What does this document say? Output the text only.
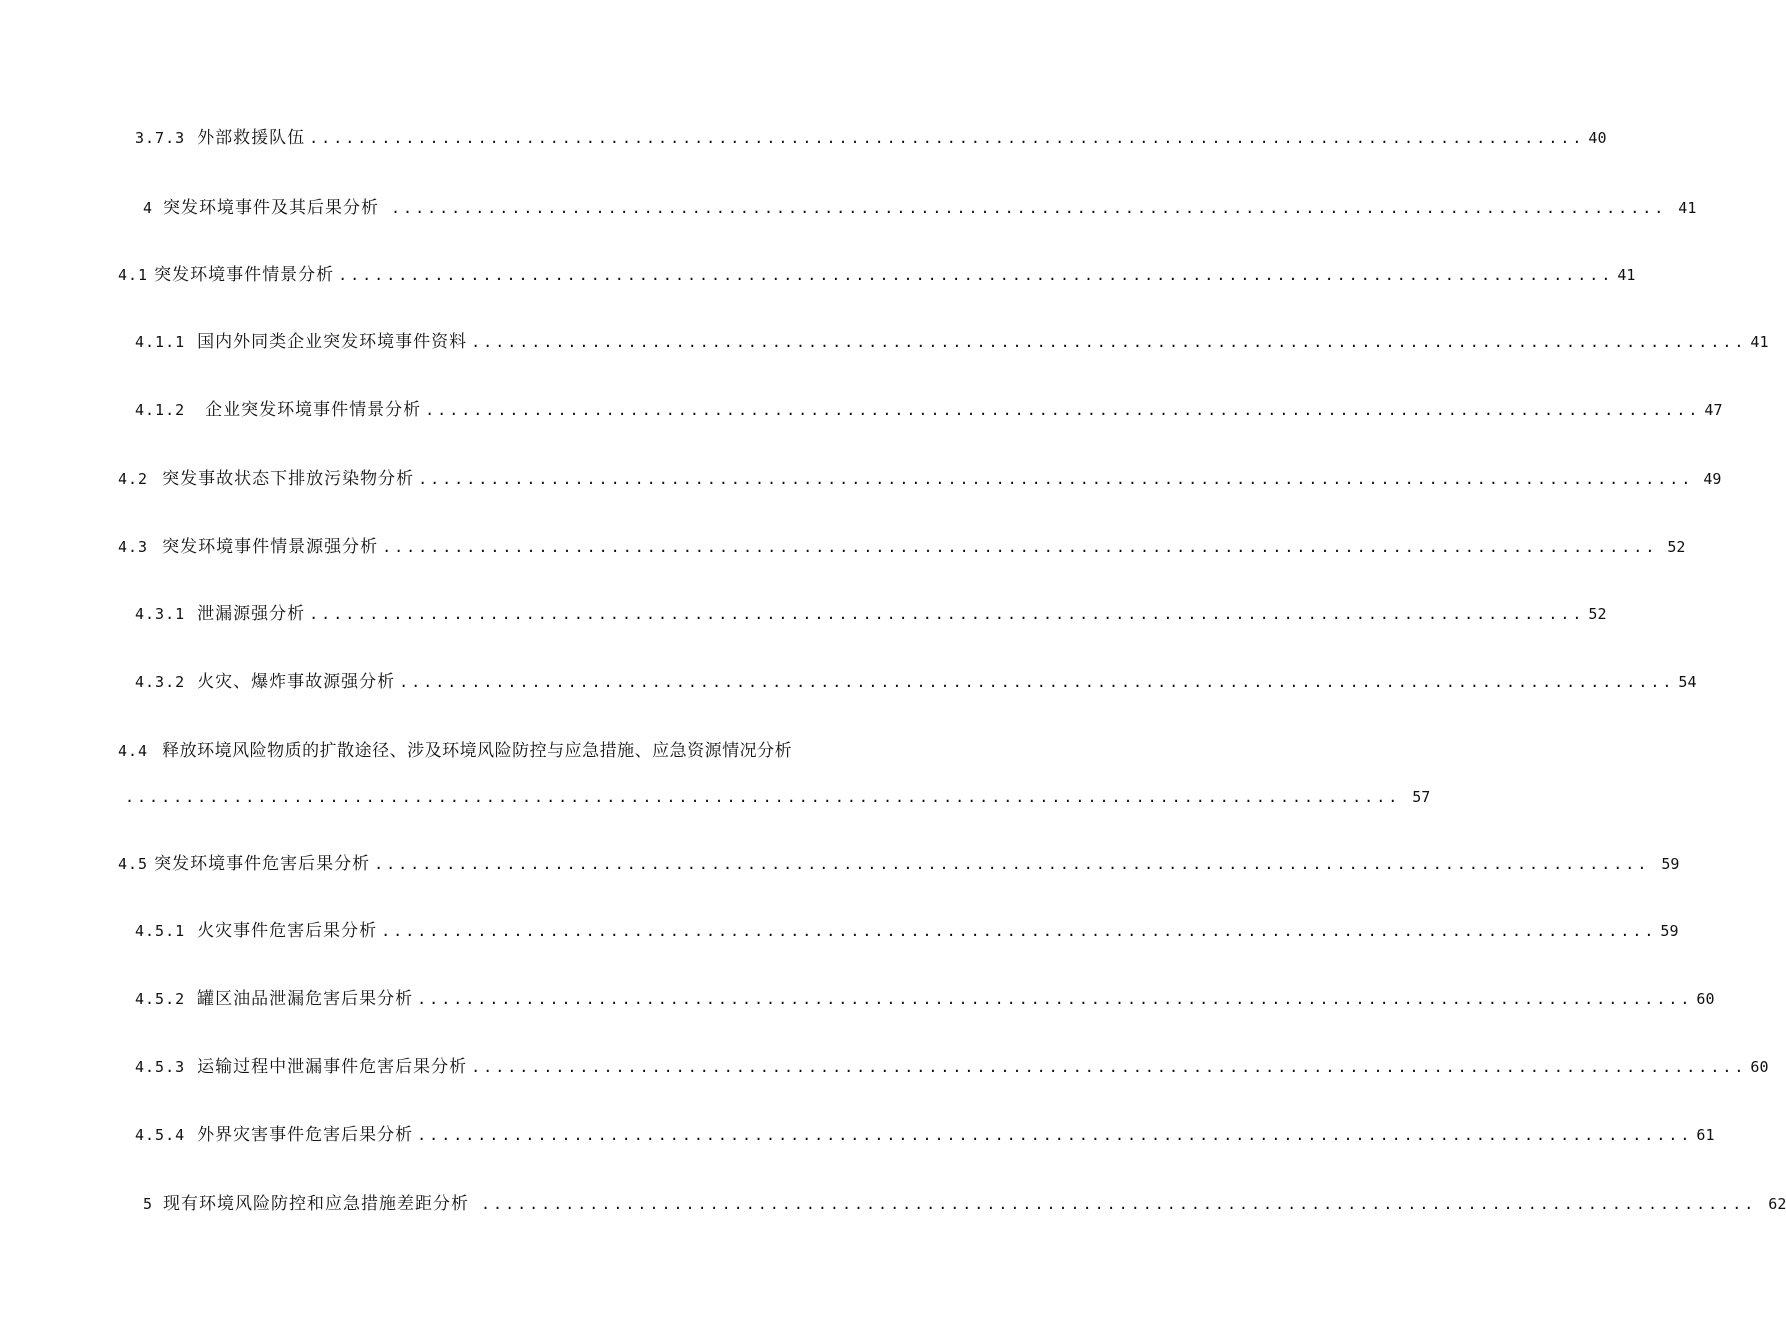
3.7.3 外部救援队伍 .......................................................................................................... 40
4 突发环境事件及其后果分析 .......................................................................................................... 41
4.1 突发环境事件情景分析 .......................................................................................................... 41
4.1.1 国内外同类企业突发环境事件资料 .......................................................................................................... 41
4.1.2 企业突发环境事件情景分析 .......................................................................................................... 47
4.2 突发事故状态下排放污染物分析 .......................................................................................................... 49
4.3 突发环境事件情景源强分析 .......................................................................................................... 52
4.3.1 泄漏源强分析 .......................................................................................................... 52
4.3.2 火灾、爆炸事故源强分析 .......................................................................................................... 54
4.4 释放环境风险物质的扩散途径、涉及环境风险防控与应急措施、应急资源情况分析
.......................................................................................................... 57
4.5 突发环境事件危害后果分析 .......................................................................................................... 59
4.5.1 火灾事件危害后果分析 .......................................................................................................... 59
4.5.2 罐区油品泄漏危害后果分析 .......................................................................................................... 60
4.5.3 运输过程中泄漏事件危害后果分析 .......................................................................................................... 60
4.5.4 外界灾害事件危害后果分析 .......................................................................................................... 61
5 现有环境风险防控和应急措施差距分析 .......................................................................................................... 62
